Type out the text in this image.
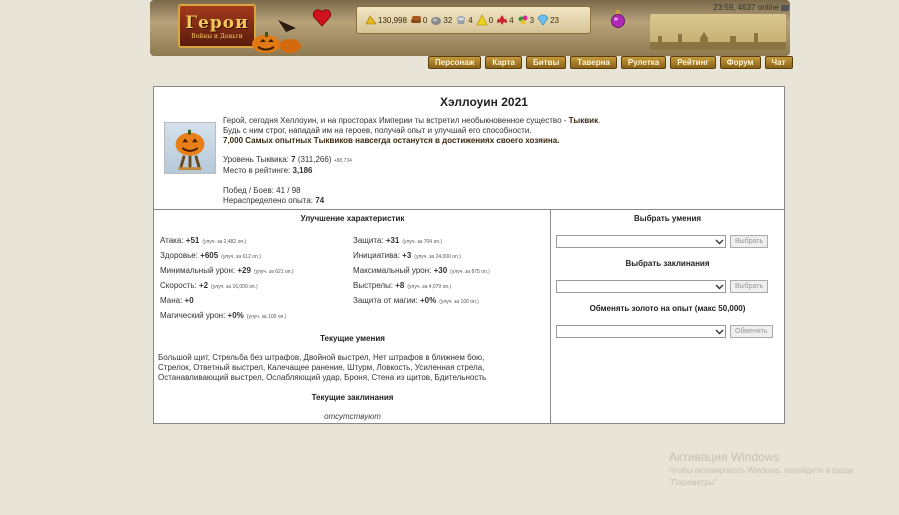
Герои
Войны и Деньги
130,998 0 32 4 0 4 3 23
Персонаж	Карта	Битвы	Таверна	Рулетка	Рейтинг	Форум	Чат
23:59, 4637 online
Хэллоуин 2021
Герой, сегодня Хеллоуин, и на просторах Империи ты встретил необыкновенное существо - Тыквик.
Будь с ним строг, нападай им на героев, получай опыт и улучшай его способности.
7,000 Самых опытных Тыквиков навсегда останутся в достижениях своего хозяина.
Уровень Тыквика: 7 (311,266) +88,734
Место в рейтинге: 3,186
Побед / Боев: 41 / 98
Нераспределено опыта: 74
Улучшение характеристик
Атака: +51 (улуч. за 2,482 оп.)	Защита: +31 (улуч. за 704 оп.)
Здоровье: +605 (улуч. за 612 оп.)	Инициатива: +3 (улуч. за 24,000 оп.)
Минимальный урон: +29 (улуч. за 621 оп.)	Максимальный урон: +30 (улуч. за 875 оп.)
Скорость: +2 (улуч. за 16,000 оп.)	Выстрелы: +8 (улуч. за 4,079 оп.)
Мана: +0	Защита от магии: +0% (улуч. за 100 оп.)
Магический урон: +0% (улуч. за 100 оп.)
Текущие умения
Большой щит, Стрельба без штрафов, Двойной выстрел, Нет штрафов в ближнем бою,
Стрелок, Ответный выстрел, Калечащее ранение, Штурм, Ловкость, Усиленная стрела,
Останавливающий выстрел, Ослабляющий удар, Броня, Стена из щитов, Бдительность
Текущие заклинания
отсутствуют
Выбрать умения
Выбрать
Выбрать заклинания
Выбрать
Обменять золото на опыт (макс 50,000)
Обменять
Активация Windows
Чтобы активировать Windows, перейдите в разде
"Параметры".
